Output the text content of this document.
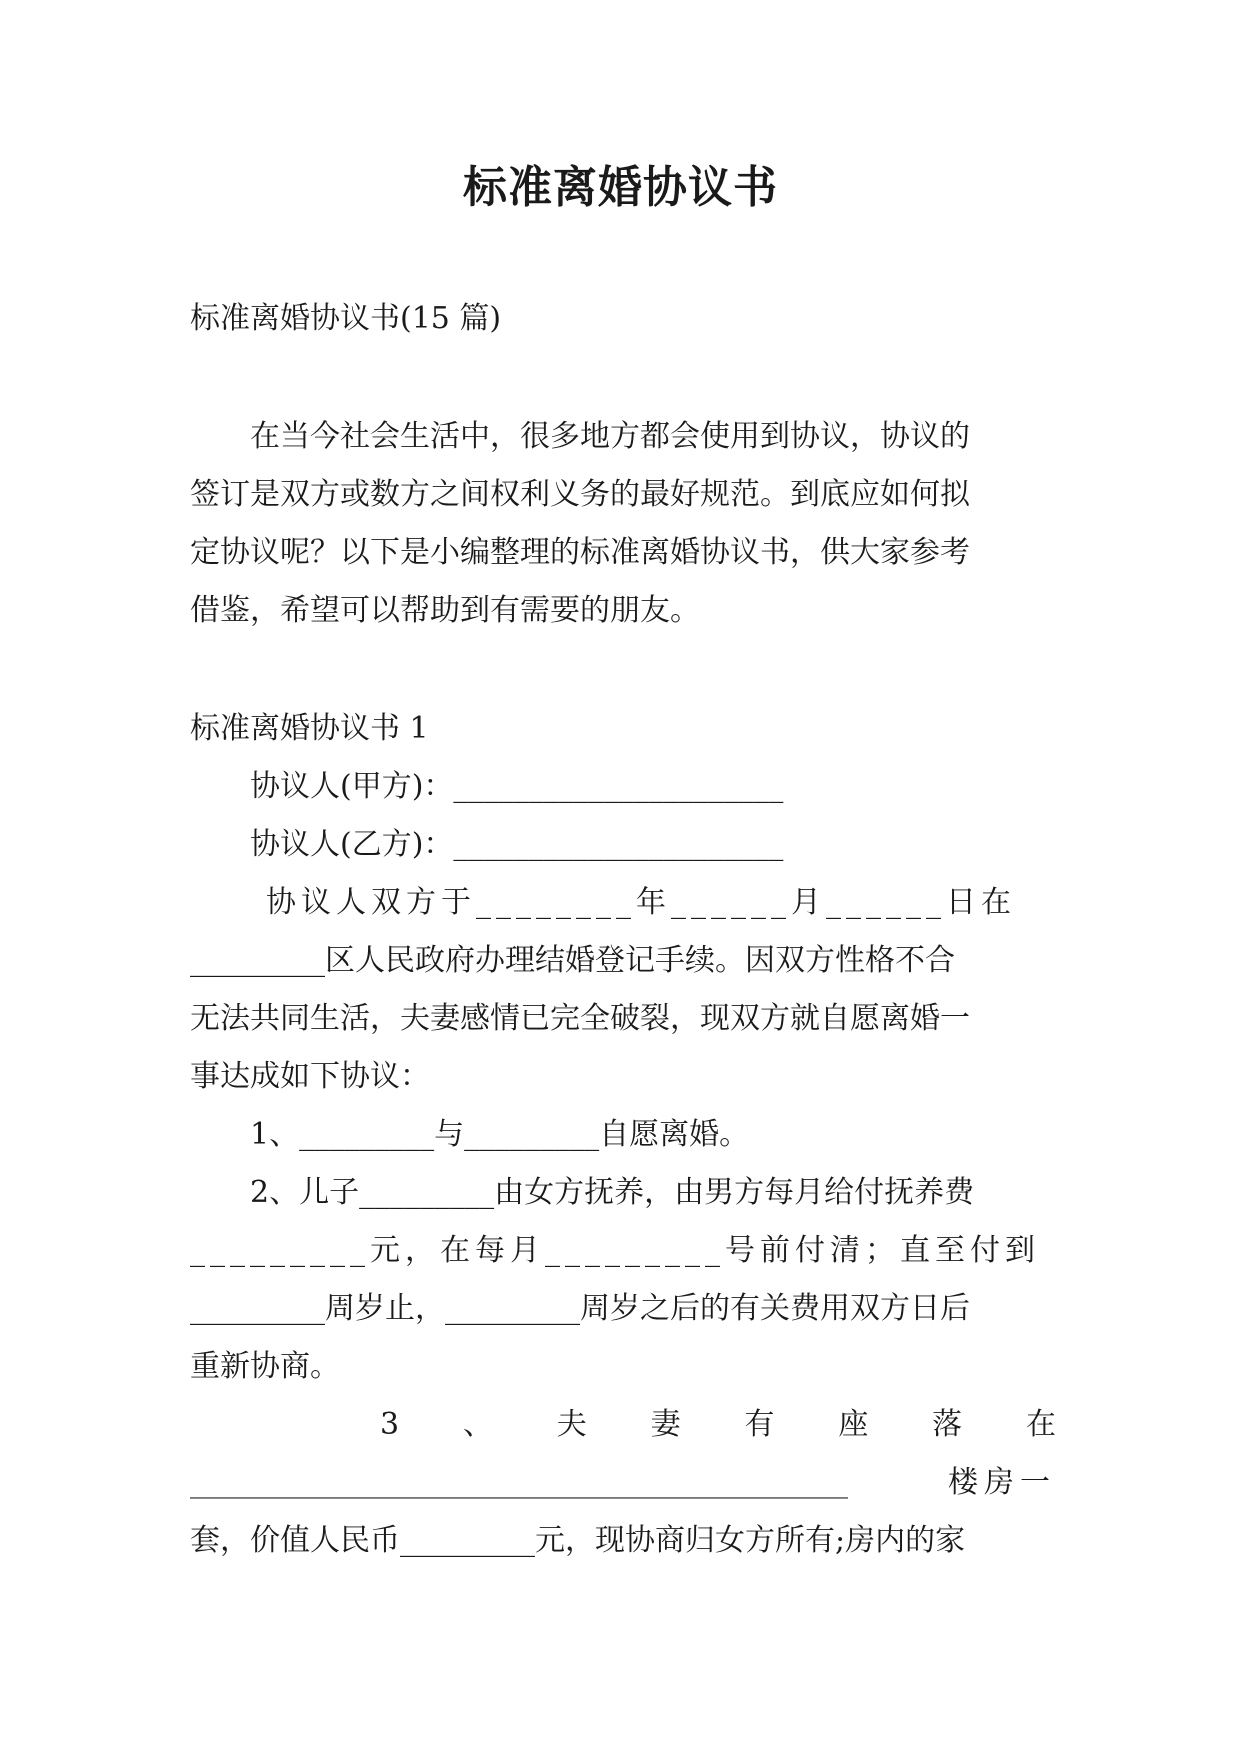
标准离婚协议书

标准离婚协议书(15 篇)

在当今社会生活中，很多地方都会使用到协议，协议的

签订是双方或数方之间权利义务的最好规范。到底应如何拟

定协议呢？以下是小编整理的标准离婚协议书，供大家参考

借鉴，希望可以帮助到有需要的朋友。

标准离婚协议书 1

协议人(甲方)：______________________

协议人(乙方)：______________________

协议人双方于________年______月______日在

_________区人民政府办理结婚登记手续。因双方性格不合

无法共同生活，夫妻感情已完全破裂，现双方就自愿离婚一

事达成如下协议：

1、_________与_________自愿离婚。

2、儿子_________由女方抚养，由男方每月给付抚养费

_________元，在每月_________号前付清；直至付到

_________周岁止，_________周岁之后的有关费用双方日后

重新协商。

3 、 夫 妻 有 座 落 在
_______________________________________________	楼房一

套，价值人民币_________元，现协商归女方所有;房内的家
